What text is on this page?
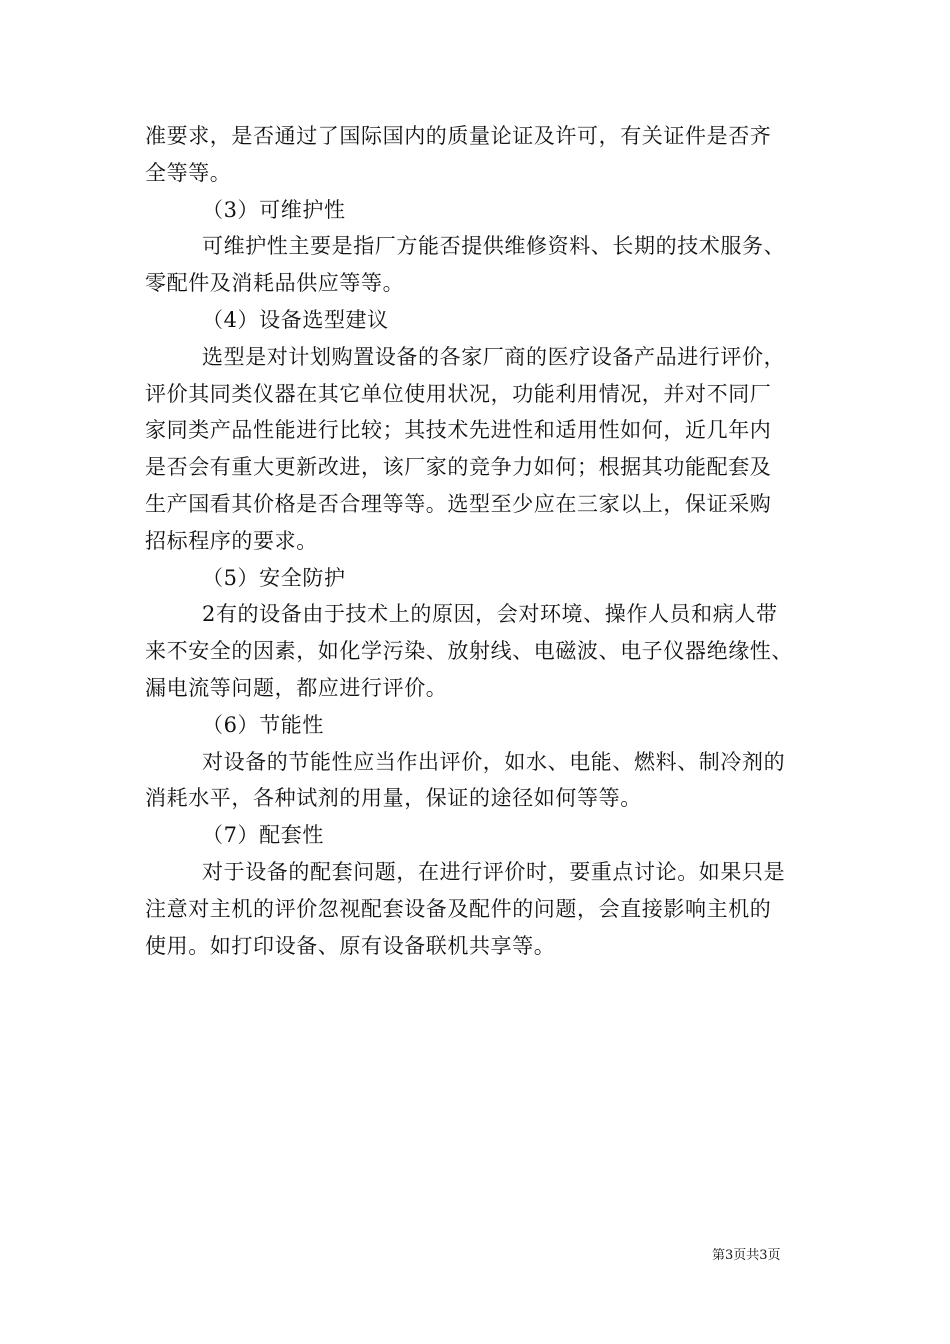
准要求，是否通过了国际国内的质量论证及许可，有关证件是否齐
全等等。
（3）可维护性
可维护性主要是指厂方能否提供维修资料、长期的技术服务、
零配件及消耗品供应等等。
（4）设备选型建议
选型是对计划购置设备的各家厂商的医疗设备产品进行评价，
评价其同类仪器在其它单位使用状况，功能利用情况，并对不同厂
家同类产品性能进行比较；其技术先进性和适用性如何，近几年内
是否会有重大更新改进，该厂家的竞争力如何；根据其功能配套及
生产国看其价格是否合理等等。选型至少应在三家以上，保证采购
招标程序的要求。
（5）安全防护
2有的设备由于技术上的原因，会对环境、操作人员和病人带
来不安全的因素，如化学污染、放射线、电磁波、电子仪器绝缘性、
漏电流等问题，都应进行评价。
（6）节能性
对设备的节能性应当作出评价，如水、电能、燃料、制冷剂的
消耗水平，各种试剂的用量，保证的途径如何等等。
（7）配套性
对于设备的配套问题，在进行评价时，要重点讨论。如果只是
注意对主机的评价忽视配套设备及配件的问题，会直接影响主机的
使用。如打印设备、原有设备联机共享等。
第3页共3页
